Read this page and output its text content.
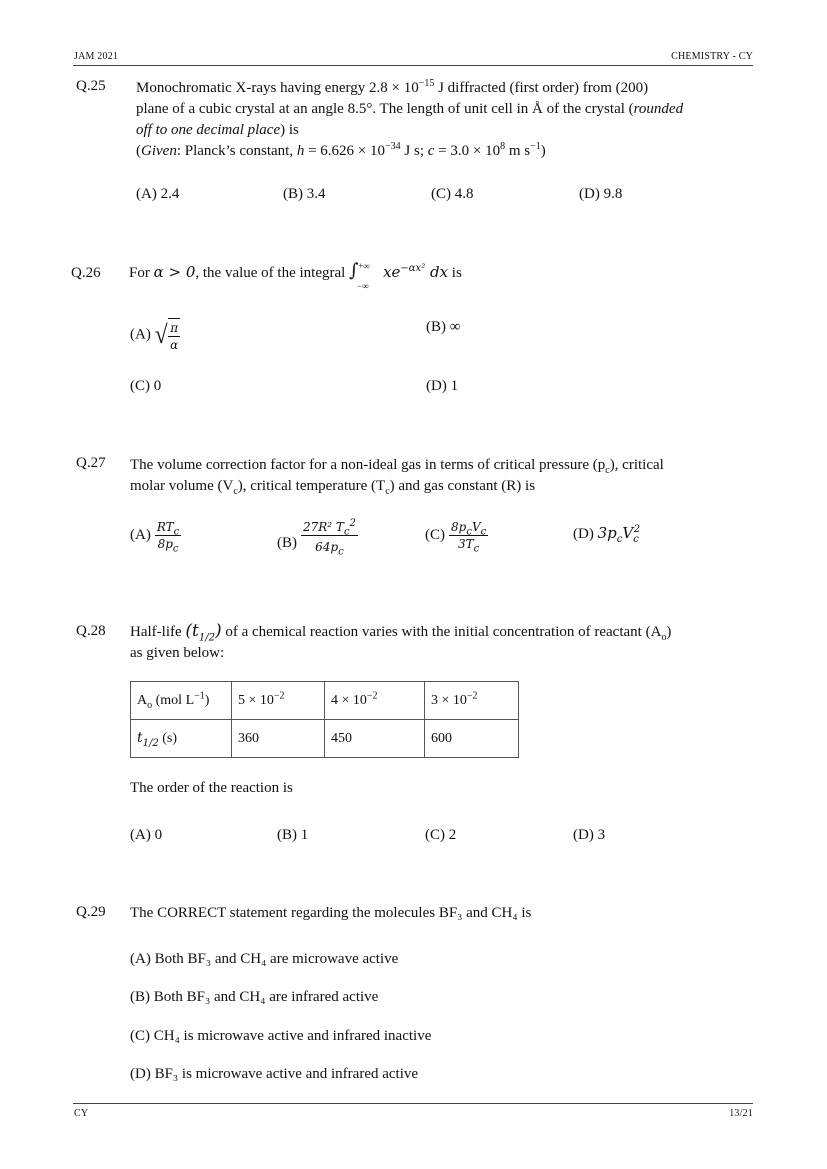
JAM 2021	CHEMISTRY - CY
Q.25 Monochromatic X-rays having energy $2.8 \times 10^{-15}$ J diffracted (first order) from (200)
plane of a cubic crystal at an angle 8.5°. The length of unit cell in Å of the crystal (rounded
off to one decimal place) is
(Given: Planck’s constant, $h = 6.626 \times 10^{-34}$ J s; $c = 3.0 \times 10^8$ m $s^{-1}$)
(A) 2.4	(B) 3.4	(C) 4.8	(D) 9.8
Q.26 For α > 0, the value of the integral ∫ +∞
−∞
$xe^{-\alpha x^2}$ dx is
(A) √ $\frac{\pi}{\alpha}$	(B) ∞
(C) 0	(D) 1
Q.27 The volume correction factor for a non-ideal gas in terms of critical pressure $(p_c)$, critical
molar volume $(V_c)$, critical temperature $(T_c)$ and gas constant (R) is
$(A) \frac{RT_c}{8p_c}$	$(B) \frac{27R^2 T_c^2}{64p_c}$	$(C) \frac{8p_cV_c}{3T_c}$	(D) $3p_cV_c^2$
Q.28 Half-life $(t_{1/2})$ of a chemical reaction varies with the initial concentration of reactant $(A_o)$
as given below:
$A_o$ (mol $L^{-1}$)	$5 \times 10^{-2}$	$4 \times 10^{-2}$	$3 \times 10^{-2}$
$t_{1/2}$ (s)	360	450	600
The order of the reaction is
(A) 0	(B) 1	(C) 2	(D) 3
Q.29 The CORRECT statement regarding the molecules BF₃ and CH₄ is
(A) Both BF₃ and CH₄ are microwave active
(B) Both BF₃ and CH₄ are infrared active
(C) CH₄ is microwave active and infrared inactive
(D) BF₃ is microwave active and infrared active
CY	13/21
